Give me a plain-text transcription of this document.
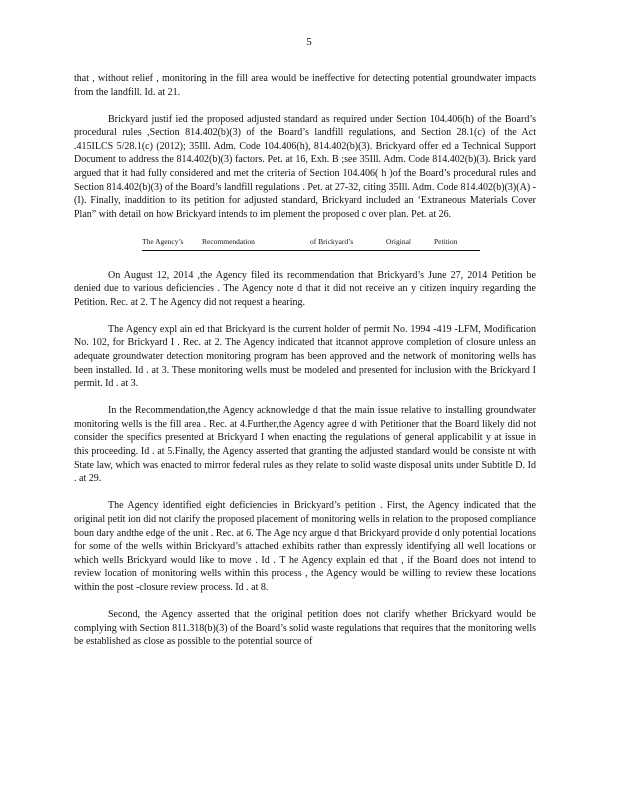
5

that , without relief , monitoring in the fill area would be ineffective for detecting potential groundwater impacts from the landfill. Id. at 21.

Brickyard justif ied the proposed adjusted standard as required under Section 104.406(h) of the Board’s procedural rules ,Section 814.402(b)(3) of the Board’s landfill regulations, and Section 28.1(c) of the Act .415ILCS 5/28.1(c) (2012); 35Ill. Adm. Code 104.406(h), 814.402(b)(3). Brickyard offer ed a Technical Support Document to address the 814.402(b)(3) factors. Pet. at 16, Exh. B ;see 35Ill. Adm. Code 814.402(b)(3). Brick yard argued that it had fully considered and met the criteria of Section 104.406( h )of the Board’s procedural rules and Section 814.402(b)(3) of the Board’s landfill regulations . Pet. at 27-32, citing 35Ill. Adm. Code 814.402(b)(3)(A) -(I). Finally, inaddition to its petition for adjusted standard, Brickyard included an ‘Extraneous Materials Cover Plan” with detail on how Brickyard intends to im plement the proposed c over plan. Pet. at 26.

The Agency’s	Recommendation	of Brickyard’s	Original	Petition

On August 12, 2014 ,the Agency filed its recommendation that Brickyard’s June 27, 2014 Petition be denied due to various deficiencies . The Agency note d that it did not receive an y citizen inquiry regarding the Petition. Rec. at 2. T he Agency did not request a hearing.

The Agency expl ain ed that Brickyard is the current holder of permit No. 1994 -419 -LFM, Modification No. 102, for Brickyard I . Rec. at 2. The Agency indicated that itcannot approve completion of closure unless an adequate groundwater detection monitoring program has been approved and the network of monitoring wells has been installed. Id . at 3. These monitoring wells must be modeled and presented for inclusion with the Brickyard I permit. Id . at 3.

In the Recommendation,the Agency acknowledge d that the main issue relative to installing groundwater monitoring wells is the fill area . Rec. at 4.Further,the Agency agree d with Petitioner that the Board likely did not consider the specifics presented at Brickyard I when enacting the regulations of general applicabilit y at issue in this proceeding. Id . at 5.Finally, the Agency asserted that granting the adjusted standard would be consiste nt with State law, which was enacted to mirror federal rules as they relate to solid waste disposal units under Subtitle D. Id . at 29.

The Agency identified eight deficiencies in Brickyard’s petition . First, the Agency indicated that the original petit ion did not clarify the proposed placement of monitoring wells in relation to the proposed compliance boun dary andthe edge of the unit . Rec. at 6. The Age ncy argue d that Brickyard provide d only potential locations for some of the wells within Brickyard’s attached exhibits rather than expressly identifying all well locations or which wells Brickyard would like to move . Id . T he Agency explain ed that , if the Board does not intend to review location of monitoring wells within this process , the Agency would be willing to review these locations within the post -closure review process. Id . at 8.

Second, the Agency asserted that the original petition does not clarify whether Brickyard would be complying with Section 811.318(b)(3) of the Board’s solid waste regulations that requires that the monitoring wells be established as close as possible to the potential source of
